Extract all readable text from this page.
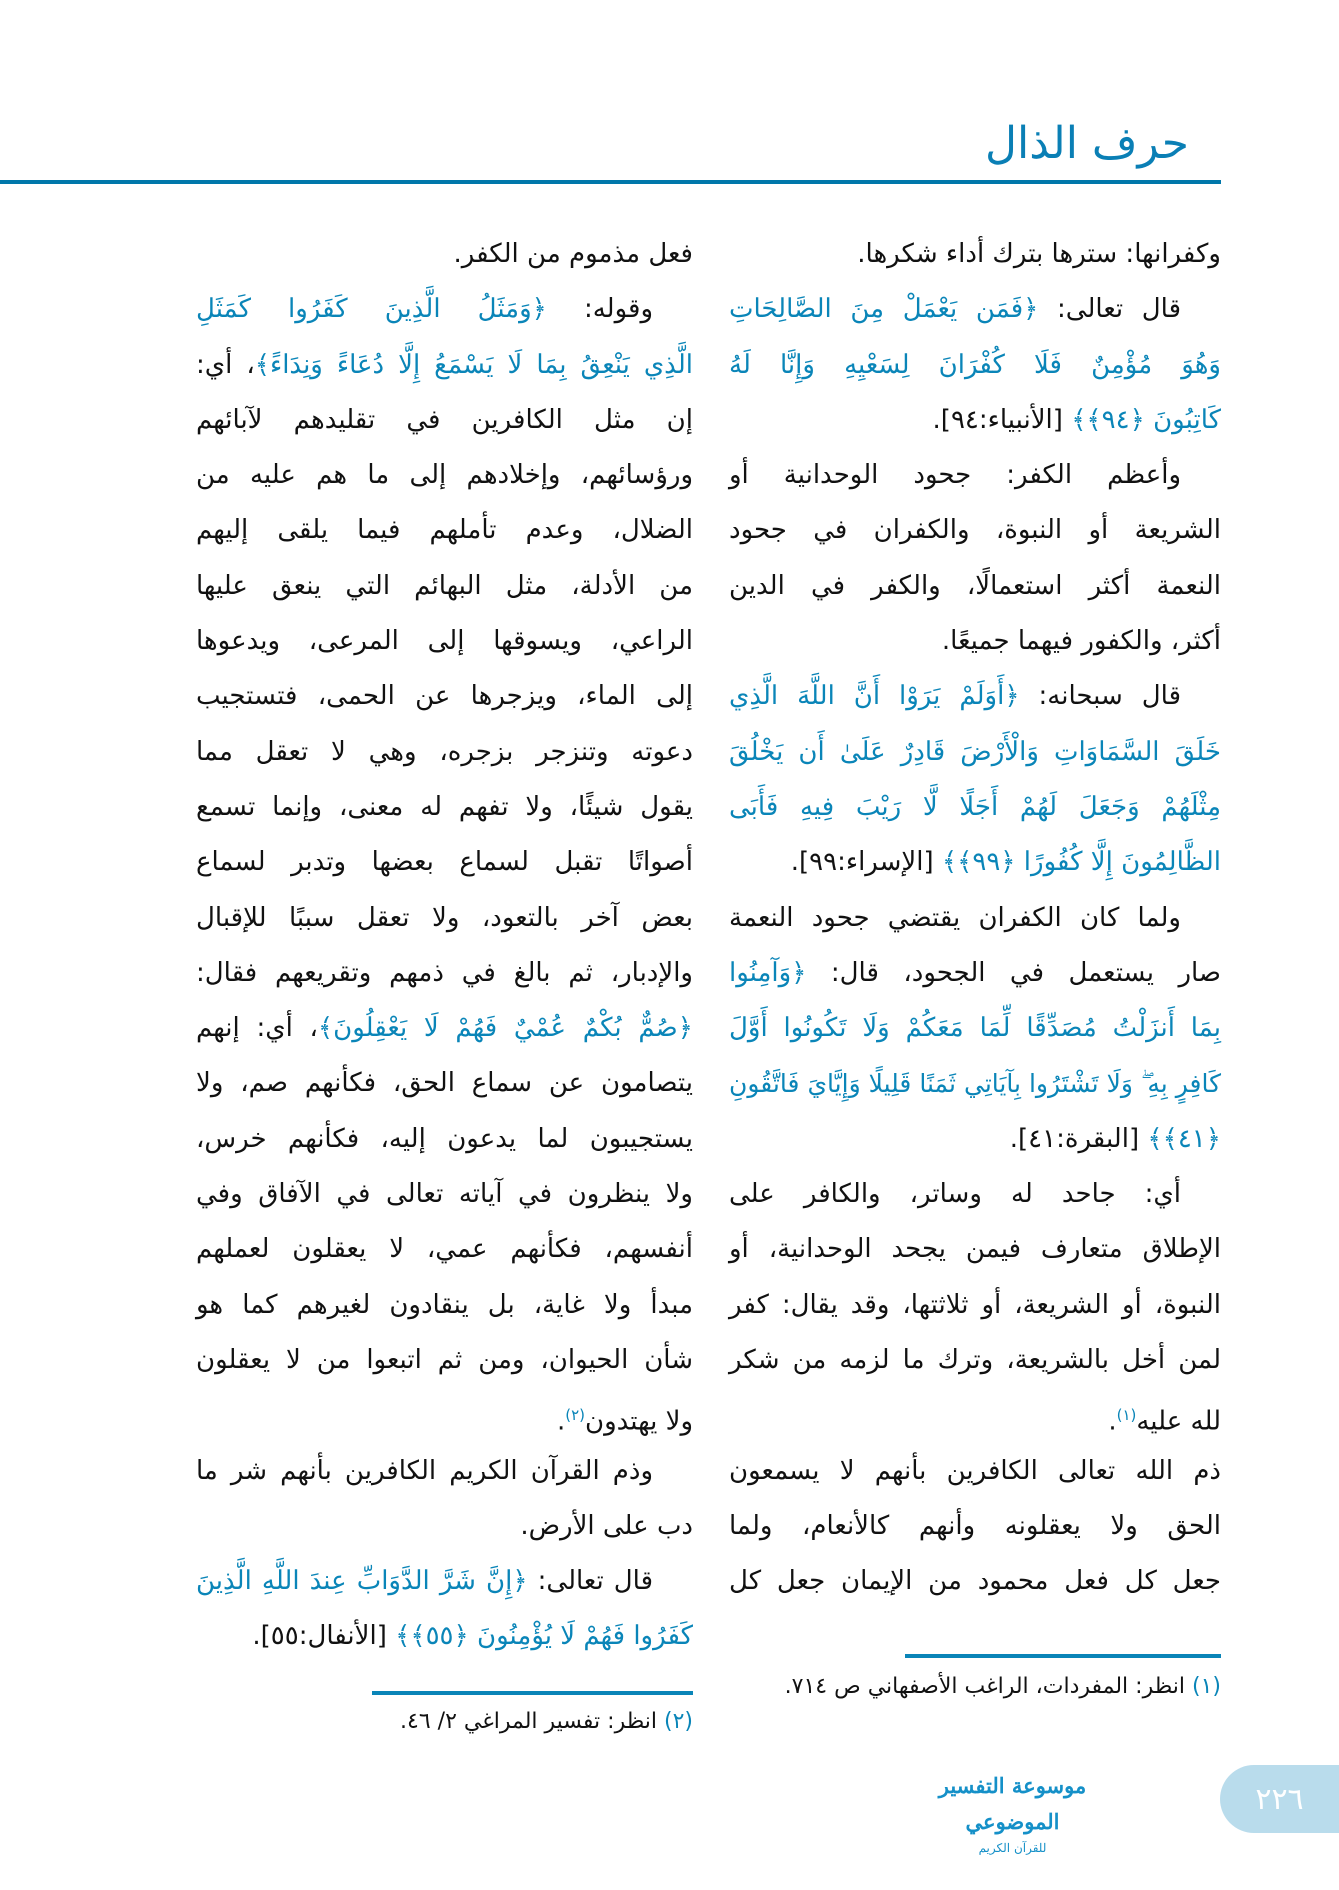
حرف الذال
وكفرانها: سترها بترك أداء شكرها.
قال تعالى: ﴿فَمَن يَعْمَلْ مِنَ الصَّالِحَاتِ
وَهُوَ مُؤْمِنٌ فَلَا كُفْرَانَ لِسَعْيِهِ وَإِنَّا لَهُ
كَاتِبُونَ ﴿٩٤﴾﴾ [الأنبياء:٩٤].
وأعظم الكفر: جحود الوحدانية أو
الشريعة أو النبوة، والكفران في جحود
النعمة أكثر استعمالًا، والكفر في الدين
أكثر، والكفور فيهما جميعًا.
قال سبحانه: ﴿أَوَلَمْ يَرَوْا أَنَّ اللَّهَ الَّذِي
خَلَقَ السَّمَاوَاتِ وَالْأَرْضَ قَادِرٌ عَلَىٰ أَن يَخْلُقَ
مِثْلَهُمْ وَجَعَلَ لَهُمْ أَجَلًا لَّا رَيْبَ فِيهِ فَأَبَى
الظَّالِمُونَ إِلَّا كُفُورًا ﴿٩٩﴾﴾ [الإسراء:٩٩].
ولما كان الكفران يقتضي جحود النعمة
صار يستعمل في الجحود، قال: ﴿وَآمِنُوا
بِمَا أَنزَلْتُ مُصَدِّقًا لِّمَا مَعَكُمْ وَلَا تَكُونُوا أَوَّلَ
كَافِرٍ بِهِ ۖ وَلَا تَشْتَرُوا بِآيَاتِي ثَمَنًا قَلِيلًا وَإِيَّايَ فَاتَّقُونِ
﴿٤١﴾﴾ [البقرة:٤١].
أي: جاحد له وساتر، والكافر على
الإطلاق متعارف فيمن يجحد الوحدانية، أو
النبوة، أو الشريعة، أو ثلاثتها، وقد يقال: كفر
لمن أخل بالشريعة، وترك ما لزمه من شكر
لله عليه$^{(١)}$.
ذم الله تعالى الكافرين بأنهم لا يسمعون
الحق ولا يعقلونه وأنهم كالأنعام، ولما
جعل كل فعل محمود من الإيمان جعل كل
فعل مذموم من الكفر.
وقوله: ﴿وَمَثَلُ الَّذِينَ كَفَرُوا كَمَثَلِ
الَّذِي يَنْعِقُ بِمَا لَا يَسْمَعُ إِلَّا دُعَاءً وَنِدَاءً﴾، أي:
إن مثل الكافرين في تقليدهم لآبائهم
ورؤسائهم، وإخلادهم إلى ما هم عليه من
الضلال، وعدم تأملهم فيما يلقى إليهم
من الأدلة، مثل البهائم التي ينعق عليها
الراعي، ويسوقها إلى المرعى، ويدعوها
إلى الماء، ويزجرها عن الحمى، فتستجيب
دعوته وتنزجر بزجره، وهي لا تعقل مما
يقول شيئًا، ولا تفهم له معنى، وإنما تسمع
أصواتًا تقبل لسماع بعضها وتدبر لسماع
بعض آخر بالتعود، ولا تعقل سببًا للإقبال
والإدبار، ثم بالغ في ذمهم وتقريعهم فقال:
﴿صُمٌّ بُكْمٌ عُمْيٌ فَهُمْ لَا يَعْقِلُونَ﴾، أي: إنهم
يتصامون عن سماع الحق، فكأنهم صم، ولا
يستجيبون لما يدعون إليه، فكأنهم خرس،
ولا ينظرون في آياته تعالى في الآفاق وفي
أنفسهم، فكأنهم عمي، لا يعقلون لعملهم
مبدأ ولا غاية، بل ينقادون لغيرهم كما هو
شأن الحيوان، ومن ثم اتبعوا من لا يعقلون
ولا يهتدون$^{(٢)}$.
وذم القرآن الكريم الكافرين بأنهم شر ما
دب على الأرض.
قال تعالى: ﴿إِنَّ شَرَّ الدَّوَابِّ عِندَ اللَّهِ الَّذِينَ
كَفَرُوا فَهُمْ لَا يُؤْمِنُونَ ﴿٥٥﴾﴾ [الأنفال:٥٥].
(١) انظر: المفردات، الراغب الأصفهاني ص ٧١٤.
(٢) انظر: تفسير المراغي ٢/ ٤٦.
موسوعة التفسير الموضوعي
للقرآن الكريم
٢٢٦
